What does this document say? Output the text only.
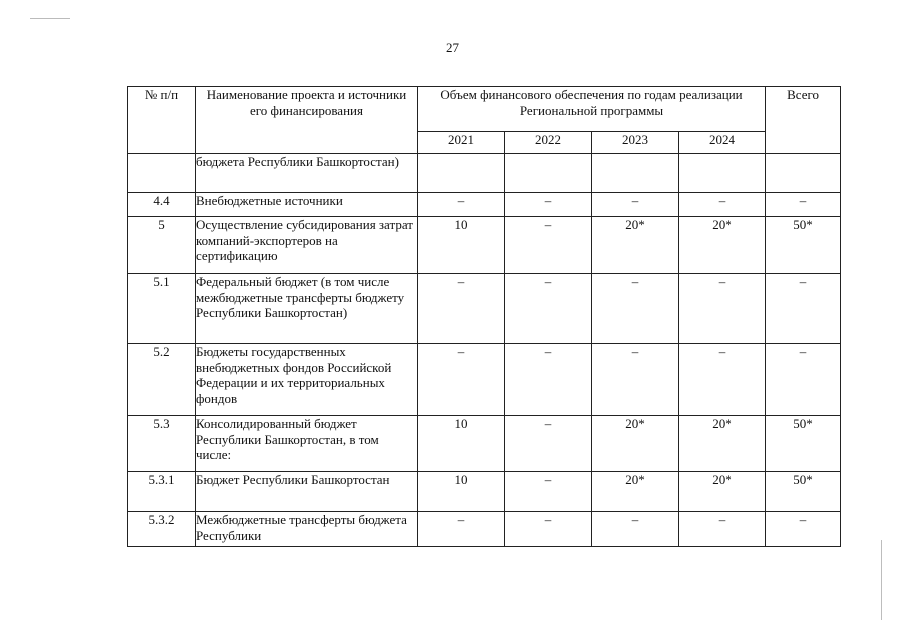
27
№ п/п	Наименование проекта и источники его финансирования	Объем финансового обеспечения по годам реализации Региональной программы				Всего
		2021	2022	2023	2024	
	бюджета Республики Башкортостан)					
4.4	Внебюджетные источники	–	–	–	–	–
5	Осуществление субсидирования затрат компаний-экспортеров на сертификацию	10	–	20*	20*	50*
5.1	Федеральный бюджет (в том числе межбюджетные трансферты бюджету Республики Башкортостан)	–	–	–	–	–
5.2	Бюджеты государственных внебюджетных фондов Российской Федерации и их территориальных фондов	–	–	–	–	–
5.3	Консолидированный бюджет Республики Башкортостан, в том числе:	10	–	20*	20*	50*
5.3.1	Бюджет Республики Башкортостан	10	–	20*	20*	50*
5.3.2	Межбюджетные трансферты бюджета Республики	–	–	–	–	–
